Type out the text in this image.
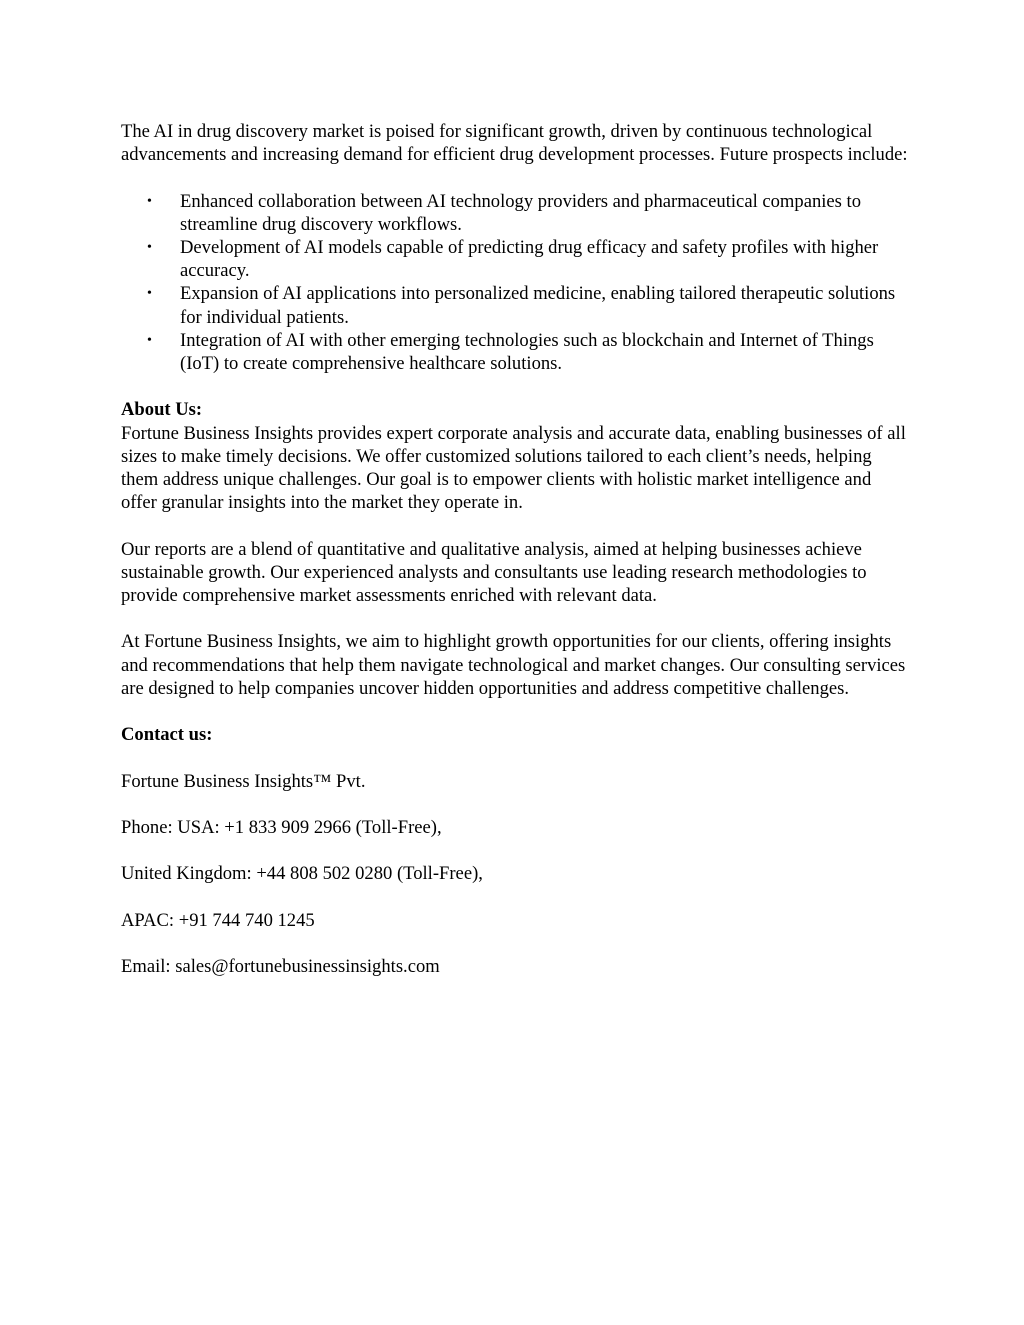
The AI in drug discovery market is poised for significant growth, driven by continuous technological advancements and increasing demand for efficient drug development processes. Future prospects include:

• Enhanced collaboration between AI technology providers and pharmaceutical companies to streamline drug discovery workflows.
• Development of AI models capable of predicting drug efficacy and safety profiles with higher accuracy.
• Expansion of AI applications into personalized medicine, enabling tailored therapeutic solutions for individual patients.
• Integration of AI with other emerging technologies such as blockchain and Internet of Things (IoT) to create comprehensive healthcare solutions.

About Us:

Fortune Business Insights provides expert corporate analysis and accurate data, enabling businesses of all sizes to make timely decisions. We offer customized solutions tailored to each client’s needs, helping them address unique challenges. Our goal is to empower clients with holistic market intelligence and offer granular insights into the market they operate in.

Our reports are a blend of quantitative and qualitative analysis, aimed at helping businesses achieve sustainable growth. Our experienced analysts and consultants use leading research methodologies to provide comprehensive market assessments enriched with relevant data.

At Fortune Business Insights, we aim to highlight growth opportunities for our clients, offering insights and recommendations that help them navigate technological and market changes. Our consulting services are designed to help companies uncover hidden opportunities and address competitive challenges.

Contact us:

Fortune Business Insights™ Pvt.

Phone: USA: +1 833 909 2966 (Toll-Free),

United Kingdom: +44 808 502 0280 (Toll-Free),

APAC: +91 744 740 1245

Email: sales@fortunebusinessinsights.com
